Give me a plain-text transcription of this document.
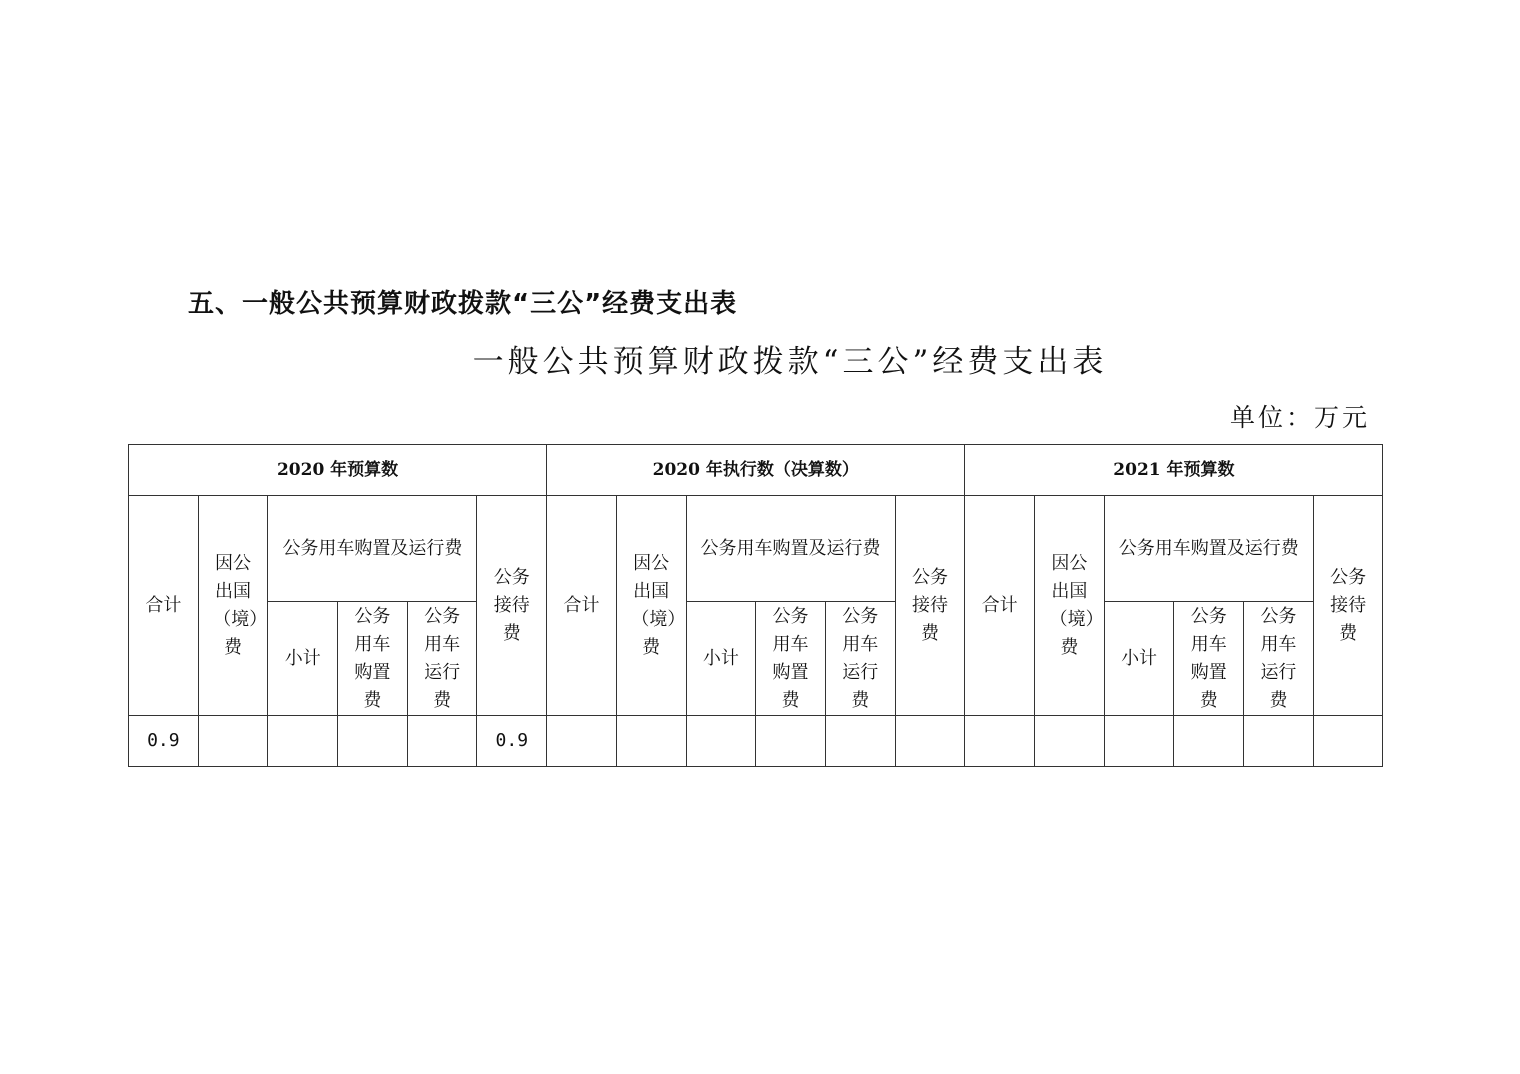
五、一般公共预算财政拨款“三公”经费支出表
一般公共预算财政拨款“三公”经费支出表
单位：万元
2020 年预算数						2020 年执行数（决算数）						2021 年预算数					
合计	因公出国（境）费	公务用车购置及运行费			公务接待费	合计	因公出国（境）费	公务用车购置及运行费			公务接待费	合计	因公出国（境）费	公务用车购置及运行费			公务接待费
		小计	公务用车购置费	公务用车运行费				小计	公务用车购置费	公务用车运行费				小计	公务用车购置费	公务用车运行费	
0.9					0.9												
